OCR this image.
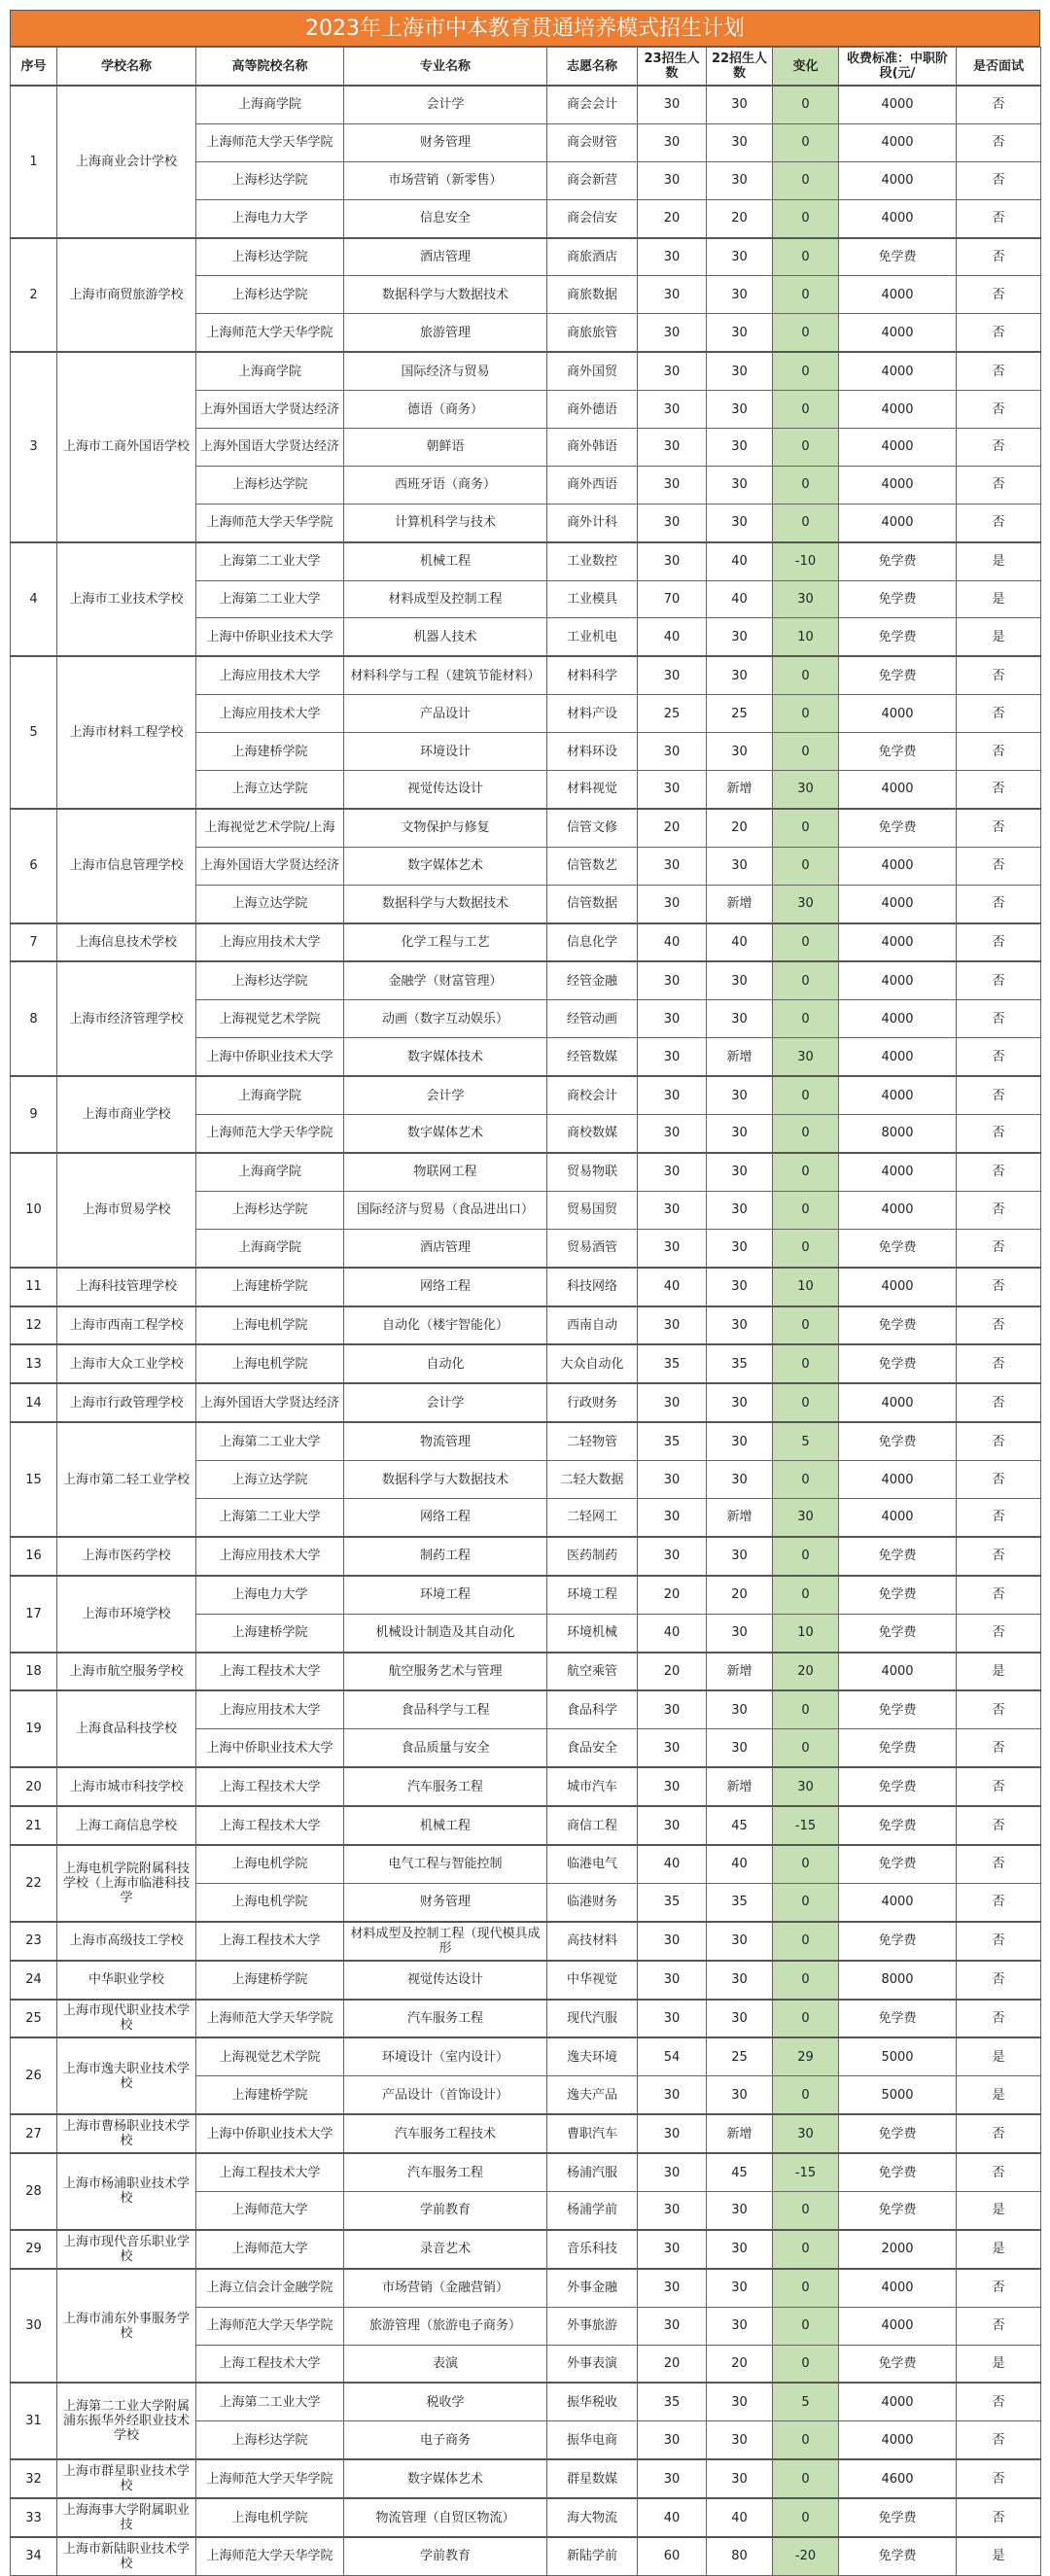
2023年上海市中本教育贯通培养模式招生计划
序号	学校名称	高等院校名称	专业名称	志愿名称	23招生人数	22招生人数	变化	收费标准：中职阶段(元/	是否面试
1	上海商业会计学校	上海商学院	会计学	商会会计	30	30	0	4000	否
		上海师范大学天华学院	财务管理	商会财管	30	30	0	4000	否
		上海杉达学院	市场营销（新零售）	商会新营	30	30	0	4000	否
		上海电力大学	信息安全	商会信安	20	20	0	4000	否
2	上海市商贸旅游学校	上海杉达学院	酒店管理	商旅酒店	30	30	0	免学费	否
		上海杉达学院	数据科学与大数据技术	商旅数据	30	30	0	4000	否
		上海师范大学天华学院	旅游管理	商旅旅管	30	30	0	4000	否
3	上海市工商外国语学校	上海商学院	国际经济与贸易	商外国贸	30	30	0	4000	否
		上海外国语大学贤达经济	德语（商务）	商外德语	30	30	0	4000	否
		上海外国语大学贤达经济	朝鲜语	商外韩语	30	30	0	4000	否
		上海杉达学院	西班牙语（商务）	商外西语	30	30	0	4000	否
		上海师范大学天华学院	计算机科学与技术	商外计科	30	30	0	4000	否
4	上海市工业技术学校	上海第二工业大学	机械工程	工业数控	30	40	-10	免学费	是
		上海第二工业大学	材料成型及控制工程	工业模具	70	40	30	免学费	是
		上海中侨职业技术大学	机器人技术	工业机电	40	30	10	免学费	是
5	上海市材料工程学校	上海应用技术大学	材料科学与工程（建筑节能材料）	材料科学	30	30	0	免学费	否
		上海应用技术大学	产品设计	材料产设	25	25	0	4000	否
		上海建桥学院	环境设计	材料环设	30	30	0	免学费	否
		上海立达学院	视觉传达设计	材料视觉	30	新增	30	4000	否
6	上海市信息管理学校	上海视觉艺术学院/上海	文物保护与修复	信管文修	20	20	0	免学费	否
		上海外国语大学贤达经济	数字媒体艺术	信管数艺	30	30	0	4000	否
		上海立达学院	数据科学与大数据技术	信管数据	30	新增	30	4000	否
7	上海信息技术学校	上海应用技术大学	化学工程与工艺	信息化学	40	40	0	4000	否
8	上海市经济管理学校	上海杉达学院	金融学（财富管理）	经管金融	30	30	0	4000	否
		上海视觉艺术学院	动画（数字互动娱乐）	经管动画	30	30	0	4000	否
		上海中侨职业技术大学	数字媒体技术	经管数媒	30	新增	30	4000	否
9	上海市商业学校	上海商学院	会计学	商校会计	30	30	0	4000	否
		上海师范大学天华学院	数字媒体艺术	商校数媒	30	30	0	8000	否
10	上海市贸易学校	上海商学院	物联网工程	贸易物联	30	30	0	4000	否
		上海杉达学院	国际经济与贸易（食品进出口）	贸易国贸	30	30	0	4000	否
		上海商学院	酒店管理	贸易酒管	30	30	0	免学费	否
11	上海科技管理学校	上海建桥学院	网络工程	科技网络	40	30	10	4000	否
12	上海市西南工程学校	上海电机学院	自动化（楼宇智能化）	西南自动	30	30	0	免学费	否
13	上海市大众工业学校	上海电机学院	自动化	大众自动化	35	35	0	免学费	否
14	上海市行政管理学校	上海外国语大学贤达经济	会计学	行政财务	30	30	0	4000	否
15	上海市第二轻工业学校	上海第二工业大学	物流管理	二轻物管	35	30	5	免学费	否
		上海立达学院	数据科学与大数据技术	二轻大数据	30	30	0	4000	否
		上海第二工业大学	网络工程	二轻网工	30	新增	30	4000	否
16	上海市医药学校	上海应用技术大学	制药工程	医药制药	30	30	0	免学费	否
17	上海市环境学校	上海电力大学	环境工程	环境工程	20	20	0	免学费	否
		上海建桥学院	机械设计制造及其自动化	环境机械	40	30	10	免学费	否
18	上海市航空服务学校	上海工程技术大学	航空服务艺术与管理	航空乘管	20	新增	20	4000	是
19	上海食品科技学校	上海应用技术大学	食品科学与工程	食品科学	30	30	0	免学费	否
		上海中侨职业技术大学	食品质量与安全	食品安全	30	30	0	免学费	否
20	上海市城市科技学校	上海工程技术大学	汽车服务工程	城市汽车	30	新增	30	免学费	否
21	上海工商信息学校	上海工程技术大学	机械工程	商信工程	30	45	-15	免学费	否
22	上海电机学院附属科技学校（上海市临港科技学	上海电机学院	电气工程与智能控制	临港电气	40	40	0	免学费	否
		上海电机学院	财务管理	临港财务	35	35	0	4000	否
23	上海市高级技工学校	上海工程技术大学	材料成型及控制工程（现代模具成形	高技材料	30	30	0	免学费	否
24	中华职业学校	上海建桥学院	视觉传达设计	中华视觉	30	30	0	8000	否
25	上海市现代职业技术学校	上海师范大学天华学院	汽车服务工程	现代汽服	30	30	0	免学费	否
26	上海市逸夫职业技术学校	上海视觉艺术学院	环境设计（室内设计）	逸夫环境	54	25	29	5000	是
		上海建桥学院	产品设计（首饰设计）	逸夫产品	30	30	0	5000	是
27	上海市曹杨职业技术学校	上海中侨职业技术大学	汽车服务工程技术	曹职汽车	30	新增	30	免学费	否
28	上海市杨浦职业技术学校	上海工程技术大学	汽车服务工程	杨浦汽服	30	45	-15	免学费	否
		上海师范大学	学前教育	杨浦学前	30	30	0	免学费	是
29	上海市现代音乐职业学校	上海师范大学	录音艺术	音乐科技	30	30	0	2000	是
30	上海市浦东外事服务学校	上海立信会计金融学院	市场营销（金融营销）	外事金融	30	30	0	4000	否
		上海师范大学天华学院	旅游管理（旅游电子商务）	外事旅游	30	30	0	4000	否
		上海工程技术大学	表演	外事表演	20	20	0	免学费	是
31	上海第二工业大学附属浦东振华外经职业技术学校	上海第二工业大学	税收学	振华税收	35	30	5	4000	否
		上海杉达学院	电子商务	振华电商	30	30	0	4000	否
32	上海市群星职业技术学校	上海师范大学天华学院	数字媒体艺术	群星数媒	30	30	0	4600	否
33	上海海事大学附属职业技	上海电机学院	物流管理（自贸区物流）	海大物流	40	40	0	免学费	否
34	上海市新陆职业技术学校	上海师范大学天华学院	学前教育	新陆学前	60	80	-20	免学费	是
